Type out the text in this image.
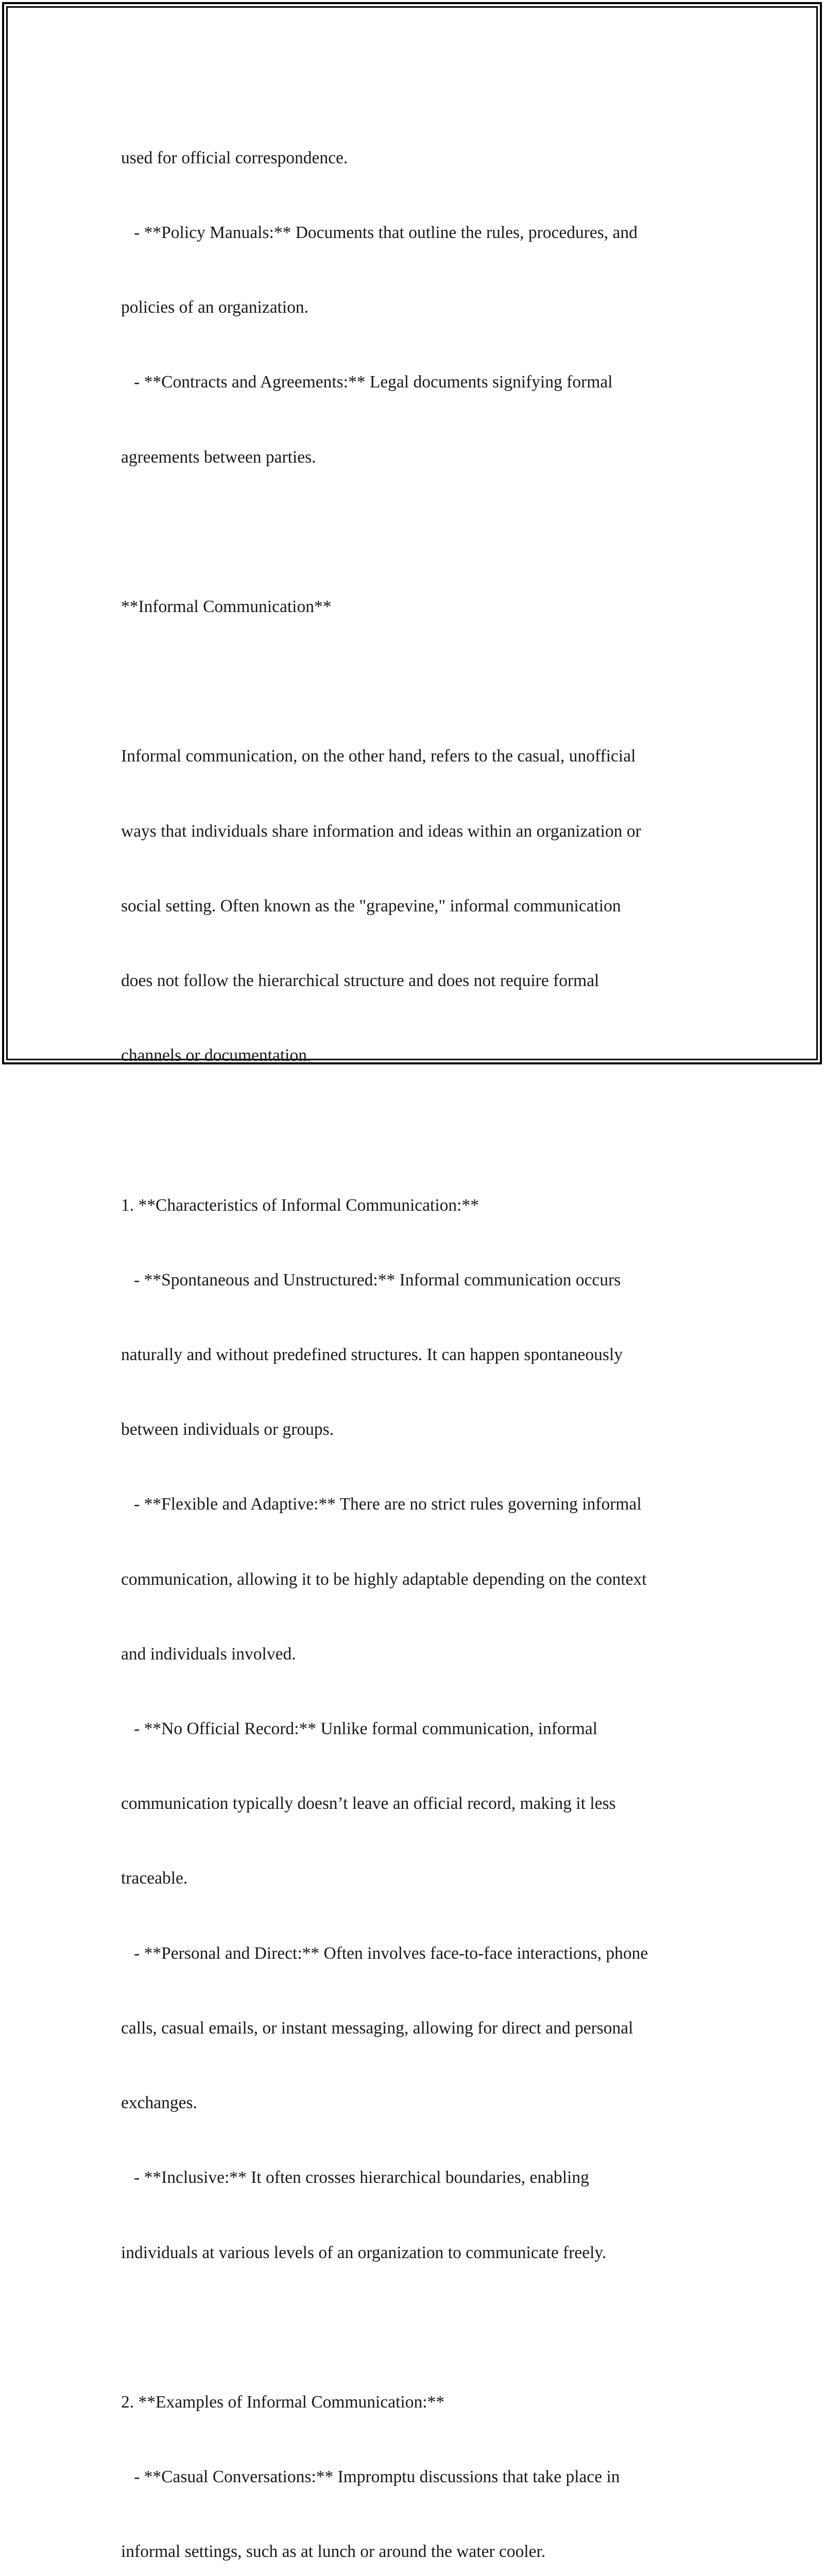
used for official correspondence.

- **Policy Manuals:** Documents that outline the rules, procedures, and

policies of an organization.

- **Contracts and Agreements:** Legal documents signifying formal

agreements between parties.

**Informal Communication**

Informal communication, on the other hand, refers to the casual, unofficial

ways that individuals share information and ideas within an organization or

social setting. Often known as the "grapevine," informal communication

does not follow the hierarchical structure and does not require formal

channels or documentation.

1. **Characteristics of Informal Communication:**

- **Spontaneous and Unstructured:** Informal communication occurs

naturally and without predefined structures. It can happen spontaneously

between individuals or groups.

- **Flexible and Adaptive:** There are no strict rules governing informal

communication, allowing it to be highly adaptable depending on the context

and individuals involved.

- **No Official Record:** Unlike formal communication, informal

communication typically doesn’t leave an official record, making it less

traceable.

- **Personal and Direct:** Often involves face-to-face interactions, phone

calls, casual emails, or instant messaging, allowing for direct and personal

exchanges.

- **Inclusive:** It often crosses hierarchical boundaries, enabling

individuals at various levels of an organization to communicate freely.

2. **Examples of Informal Communication:**

- **Casual Conversations:** Impromptu discussions that take place in

informal settings, such as at lunch or around the water cooler.
